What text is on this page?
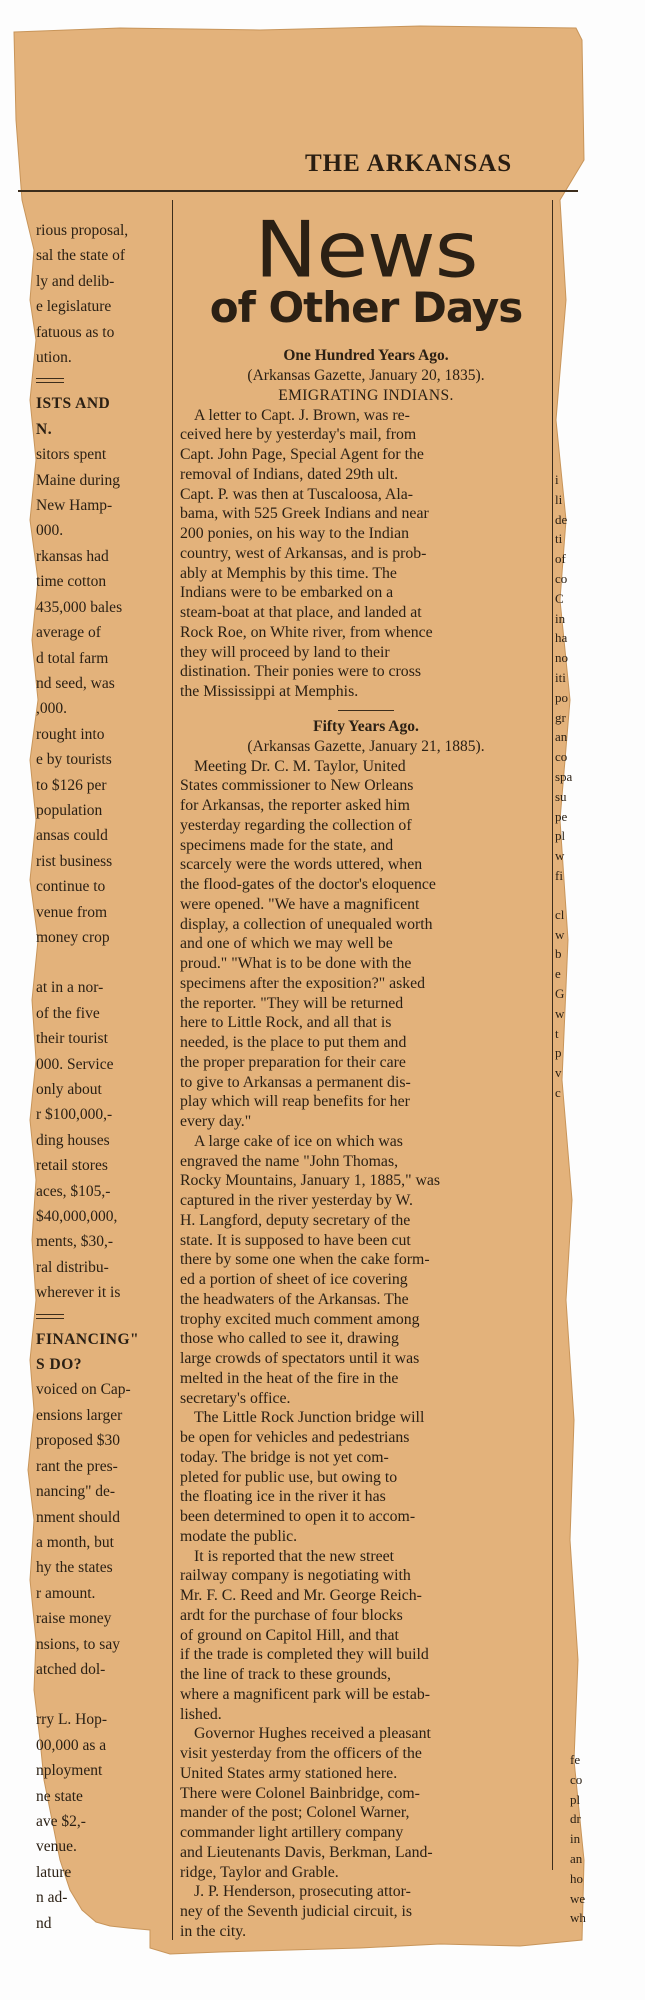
THE ARKANSAS
rious proposal,
sal the state of
ly and delib-
e legislature
fatuous as to
ution.
ISTS AND
N.
sitors spent
Maine during
New Hamp-
000.
rkansas had
time cotton
435,000 bales
average of
d total farm
nd seed, was
,000.
rought into
e by tourists
to $126 per
population
ansas could
rist business
continue to
venue from
money crop
at in a nor-
of the five
their tourist
000. Service
only about
r $100,000,-
ding houses
retail stores
aces, $105,-
$40,000,000,
ments, $30,-
ral distribu-
wherever it is
FINANCING"
S DO?
voiced on Cap-
ensions larger
proposed $30
rant the pres-
nancing" de-
nment should
a month, but
hy the states
r amount.
raise money
nsions, to say
atched dol-
rry L. Hop-
00,000 as a
nployment
ne state
ave $2,-
venue.
lature
n ad-
nd
News
of Other Days
One Hundred Years Ago.
(Arkansas Gazette, January 20, 1835).
EMIGRATING INDIANS.
A letter to Capt. J. Brown, was re-
ceived here by yesterday's mail, from
Capt. John Page, Special Agent for the
removal of Indians, dated 29th ult.
Capt. P. was then at Tuscaloosa, Ala-
bama, with 525 Greek Indians and near
200 ponies, on his way to the Indian
country, west of Arkansas, and is prob-
ably at Memphis by this time. The
Indians were to be embarked on a
steam-boat at that place, and landed at
Rock Roe, on White river, from whence
they will proceed by land to their
distination. Their ponies were to cross
the Mississippi at Memphis.
Fifty Years Ago.
(Arkansas Gazette, January 21, 1885).
Meeting Dr. C. M. Taylor, United
States commissioner to New Orleans
for Arkansas, the reporter asked him
yesterday regarding the collection of
specimens made for the state, and
scarcely were the words uttered, when
the flood-gates of the doctor's eloquence
were opened. "We have a magnificent
display, a collection of unequaled worth
and one of which we may well be
proud." "What is to be done with the
specimens after the exposition?" asked
the reporter. "They will be returned
here to Little Rock, and all that is
needed, is the place to put them and
the proper preparation for their care
to give to Arkansas a permanent dis-
play which will reap benefits for her
every day."
A large cake of ice on which was
engraved the name "John Thomas,
Rocky Mountains, January 1, 1885," was
captured in the river yesterday by W.
H. Langford, deputy secretary of the
state. It is supposed to have been cut
there by some one when the cake form-
ed a portion of sheet of ice covering
the headwaters of the Arkansas. The
trophy excited much comment among
those who called to see it, drawing
large crowds of spectators until it was
melted in the heat of the fire in the
secretary's office.
The Little Rock Junction bridge will
be open for vehicles and pedestrians
today. The bridge is not yet com-
pleted for public use, but owing to
the floating ice in the river it has
been determined to open it to accom-
modate the public.
It is reported that the new street
railway company is negotiating with
Mr. F. C. Reed and Mr. George Reich-
ardt for the purchase of four blocks
of ground on Capitol Hill, and that
if the trade is completed they will build
the line of track to these grounds,
where a magnificent park will be estab-
lished.
Governor Hughes received a pleasant
visit yesterday from the officers of the
United States army stationed here.
There were Colonel Bainbridge, com-
mander of the post; Colonel Warner,
commander light artillery company
and Lieutenants Davis, Berkman, Land-
ridge, Taylor and Grable.
J. P. Henderson, prosecuting attor-
ney of the Seventh judicial circuit, is
in the city.
i
li
de
ti
of
co
C
in
ha
no
iti
po
gr
an
co
spa
su
pe
pl
w
fi
cl
w
b
e
G
w
t
p
v
c
fe
co
pl
dr
in
an
ho
we
wh
